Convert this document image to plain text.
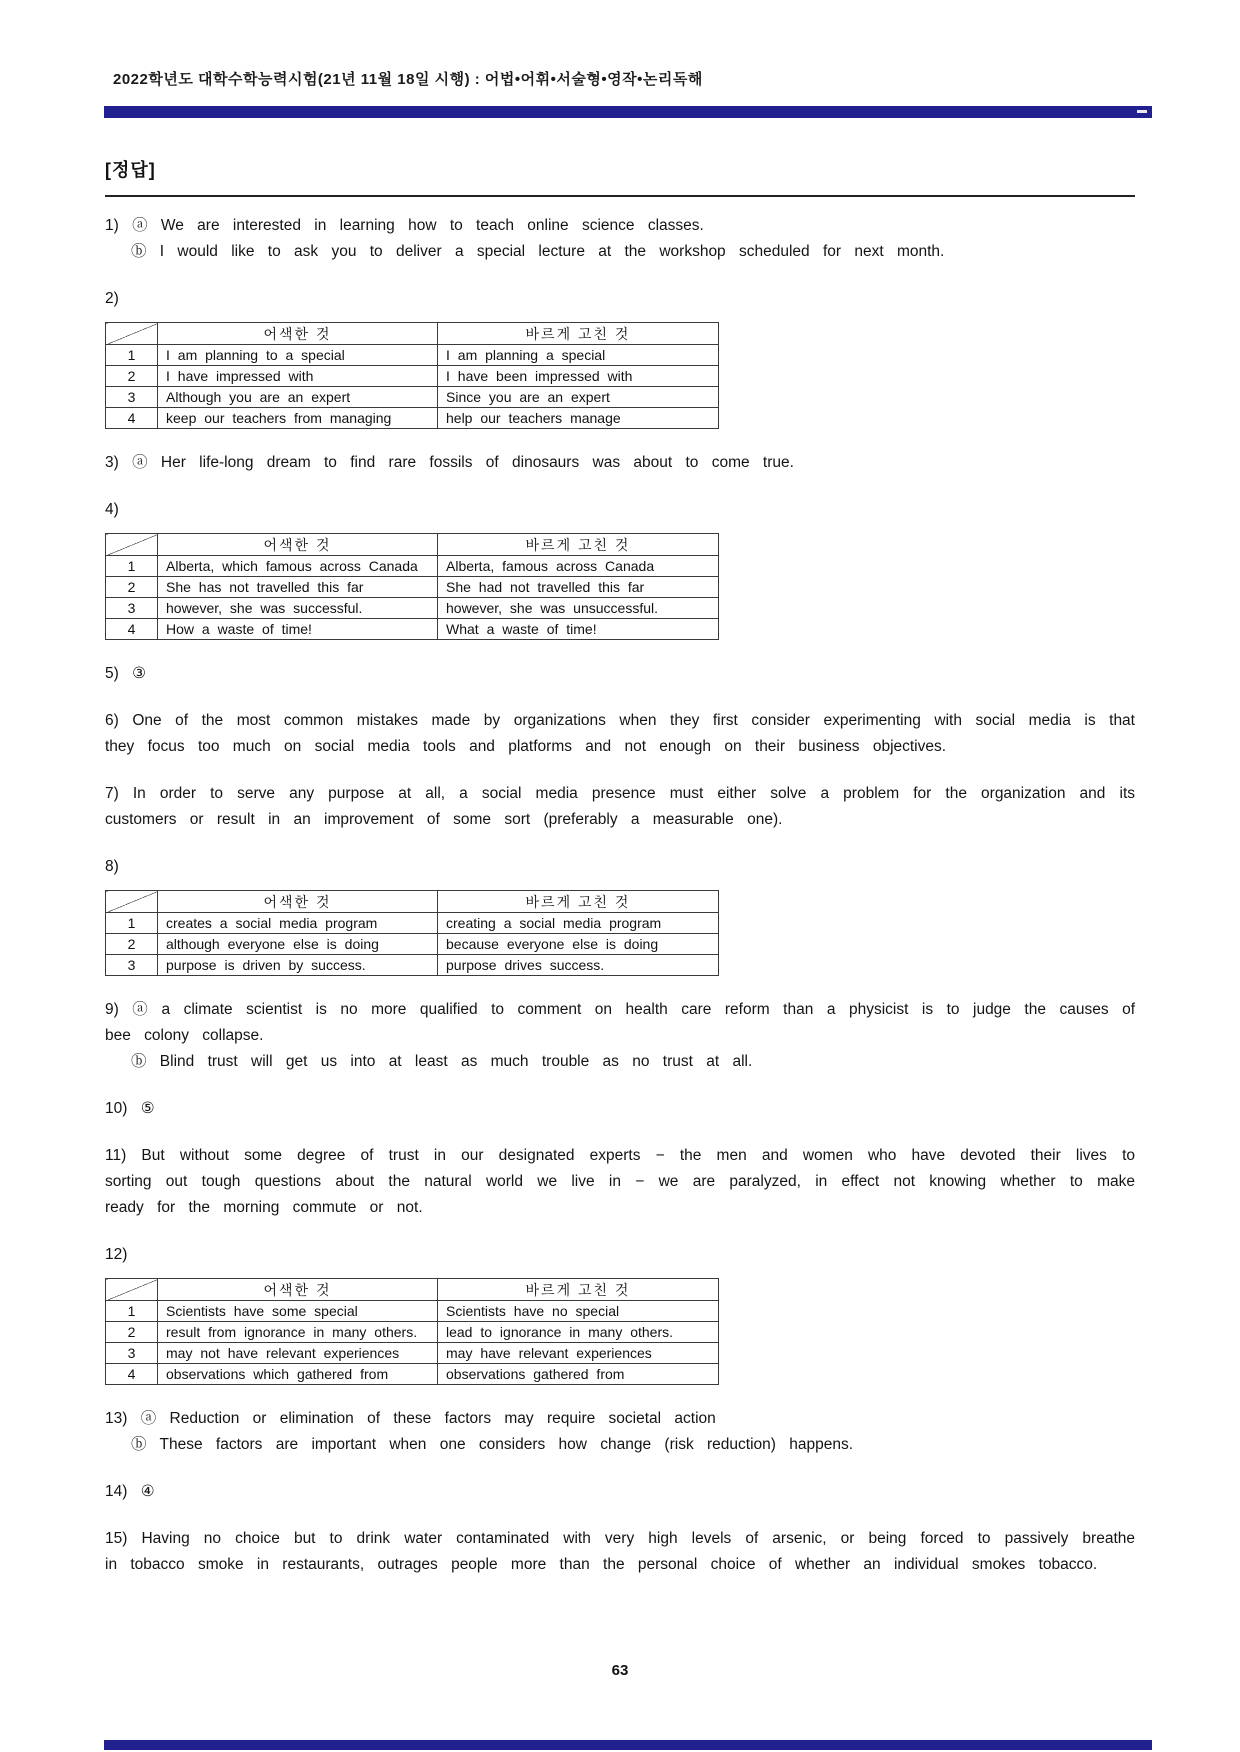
2022학년도 대학수학능력시험(21년 11월 18일 시행) : 어법•어휘•서술형•영작•논리독해
[정답]
1) ⓐ We are interested in learning how to teach online science classes.
ⓑ I would like to ask you to deliver a special lecture at the workshop scheduled for next month.
2)
	어색한 것	바르게 고친 것
1	I am planning to a special	I am planning a special
2	I have impressed with	I have been impressed with
3	Although you are an expert	Since you are an expert
4	keep our teachers from managing	help our teachers manage
3) ⓐ Her life-long dream to find rare fossils of dinosaurs was about to come true.
4)
	어색한 것	바르게 고친 것
1	Alberta, which famous across Canada	Alberta, famous across Canada
2	She has not travelled this far	She had not travelled this far
3	however, she was successful.	however, she was unsuccessful.
4	How a waste of time!	What a waste of time!
5) ③
6) One of the most common mistakes made by organizations when they first consider experimenting with social media is that they focus too much on social media tools and platforms and not enough on their business objectives.
7) In order to serve any purpose at all, a social media presence must either solve a problem for the organization and its customers or result in an improvement of some sort (preferably a measurable one).
8)
	어색한 것	바르게 고친 것
1	creates a social media program	creating a social media program
2	although everyone else is doing	because everyone else is doing
3	purpose is driven by success.	purpose drives success.
9) ⓐ a climate scientist is no more qualified to comment on health care reform than a physicist is to judge the causes of bee colony collapse.
ⓑ Blind trust will get us into at least as much trouble as no trust at all.
10) ⑤
11) But without some degree of trust in our designated experts − the men and women who have devoted their lives to sorting out tough questions about the natural world we live in − we are paralyzed, in effect not knowing whether to make ready for the morning commute or not.
12)
	어색한 것	바르게 고친 것
1	Scientists have some special	Scientists have no special
2	result from ignorance in many others.	lead to ignorance in many others.
3	may not have relevant experiences	may have relevant experiences
4	observations which gathered from	observations gathered from
13) ⓐ Reduction or elimination of these factors may require societal action
ⓑ These factors are important when one considers how change (risk reduction) happens.
14) ④
15) Having no choice but to drink water contaminated with very high levels of arsenic, or being forced to passively breathe in tobacco smoke in restaurants, outrages people more than the personal choice of whether an individual smokes tobacco.
63
